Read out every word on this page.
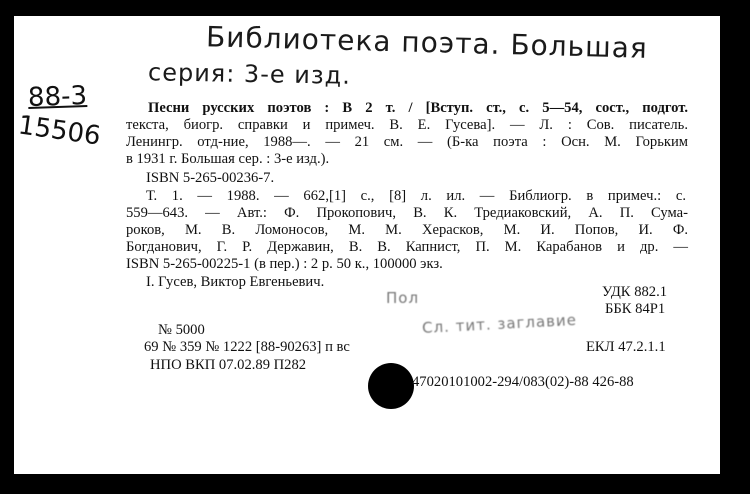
Библиотека поэта. Большая
серия: 3-е изд.
88-3
15506
Песни русских поэтов : В 2 т. / [Вступ. ст., с. 5—54, сост., подгот.
текста, биогр. справки и примеч. В. Е. Гусева]. — Л. : Сов. писатель.
Ленингр. отд-ние, 1988—. — 21 см. — (Б-ка поэта : Осн. М. Горьким
в 1931 г. Большая сер. : 3-е изд.).
ISBN 5-265-00236-7.
Т. 1. — 1988. — 662,[1] с., [8] л. ил. — Библиогр. в примеч.: с.
559—643. — Авт.: Ф. Прокопович, В. К. Тредиаковский, А. П. Сума-
роков, М. В. Ломоносов, М. М. Херасков, М. И. Попов, И. Ф.
Богданович, Г. Р. Державин, В. В. Капнист, П. М. Карабанов и др. —
ISBN 5-265-00225-1 (в пер.) : 2 р. 50 к., 100000 экз.
I. Гусев, Виктор Евгеньевич.
Пол
Сл. тит. заглавие
УДК 882.1
ББК 84Р1
№ 5000
69 № 359 № 1222 [88-90263] п вс	ЕКЛ 47.2.1.1
НПО ВКП 07.02.89 П282
47020101002-294/083(02)-88 426-88
